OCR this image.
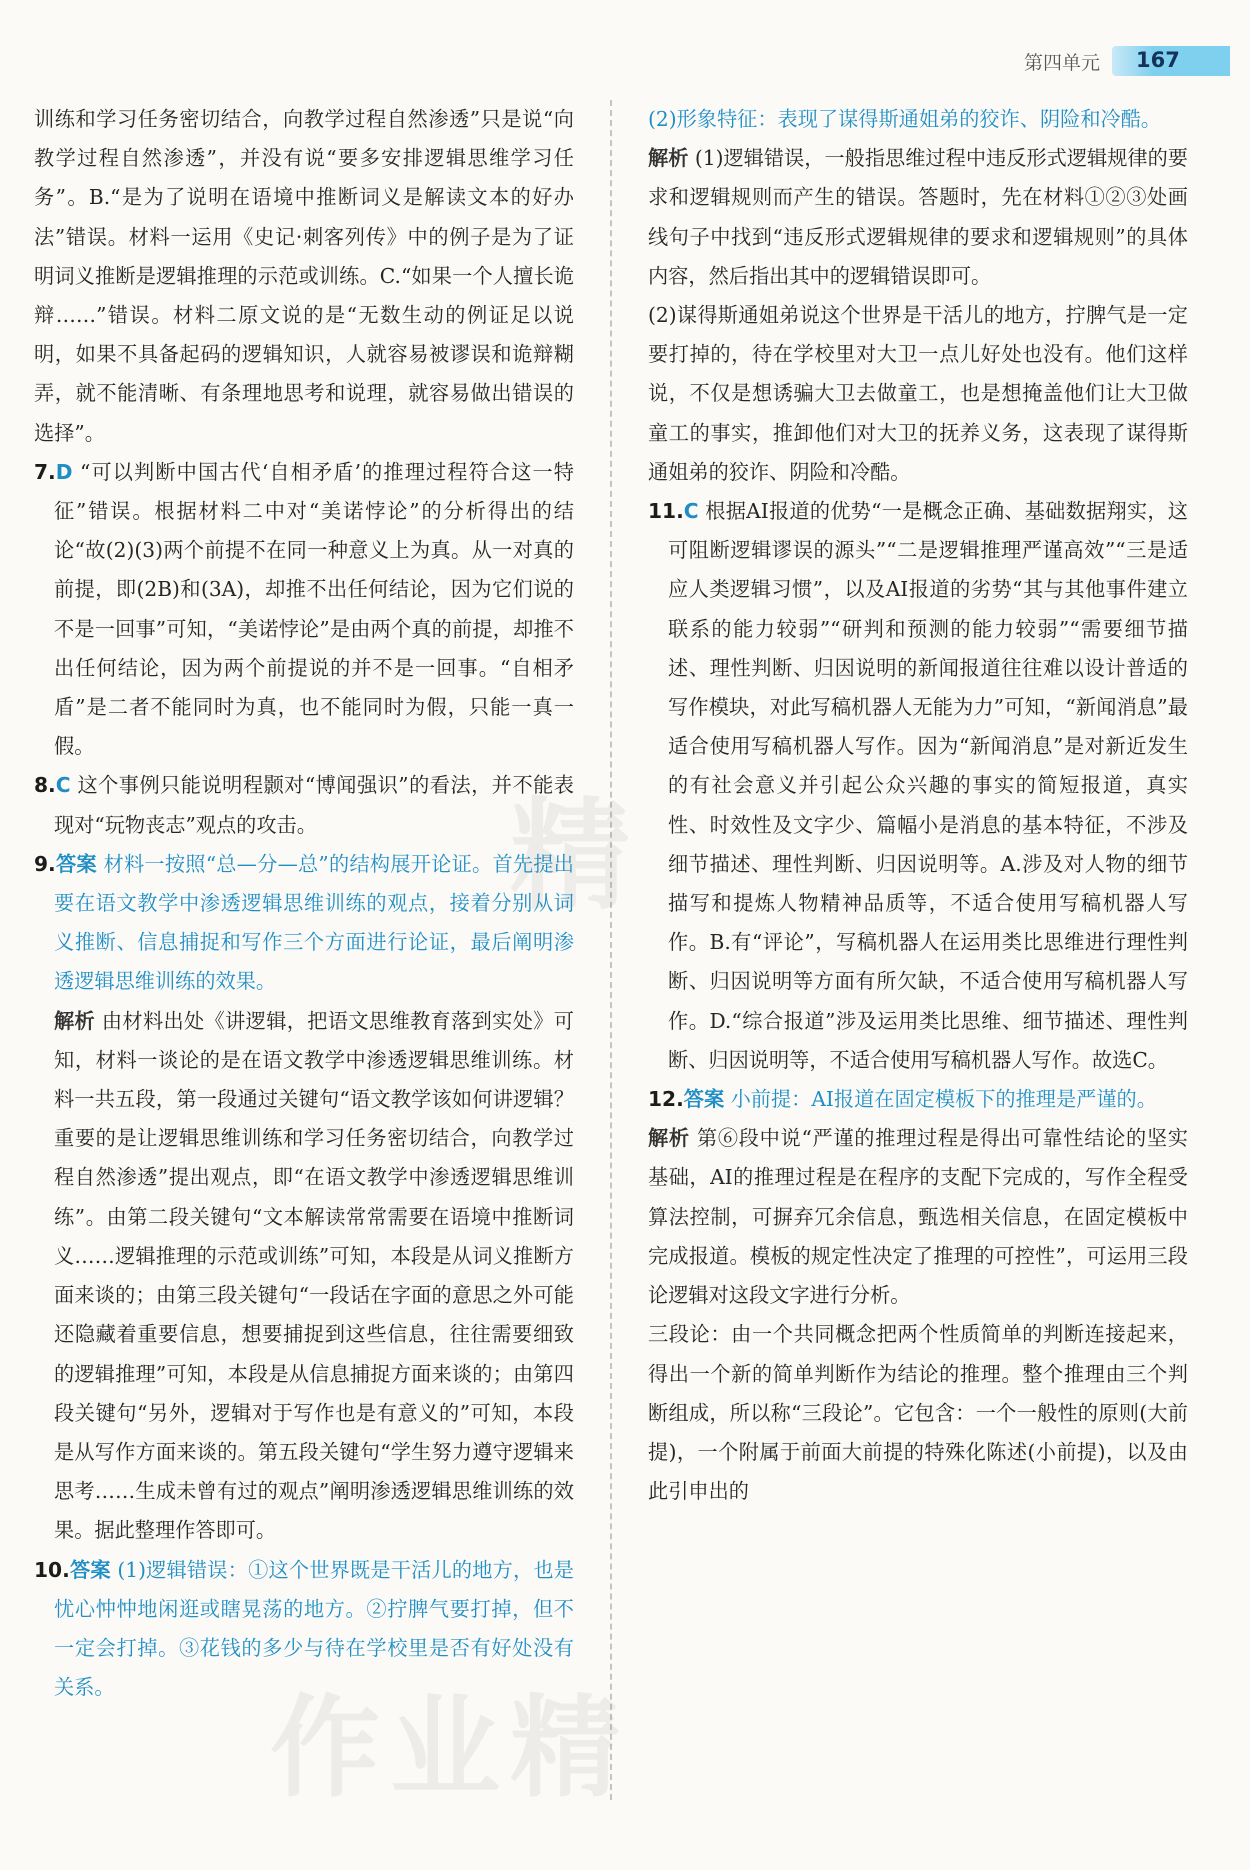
第四单元 167

训练和学习任务密切结合，向教学过程自然渗透”只是说“向教学过程自然渗透”，并没有说“要多安排逻辑思维学习任务”。B.“是为了说明在语境中推断词义是解读文本的好办法”错误。材料一运用《史记·刺客列传》中的例子是为了证明词义推断是逻辑推理的示范或训练。C.“如果一个人擅长诡辩……”错误。材料二原文说的是“无数生动的例证足以说明，如果不具备起码的逻辑知识，人就容易被谬误和诡辩糊弄，就不能清晰、有条理地思考和说理，就容易做出错误的选择”。

7.D “可以判断中国古代‘自相矛盾’的推理过程符合这一特征”错误。根据材料二中对“美诺悖论”的分析得出的结论“故(2)(3)两个前提不在同一种意义上为真。从一对真的前提，即(2B)和(3A)，却推不出任何结论，因为它们说的不是一回事”可知，“美诺悖论”是由两个真的前提，却推不出任何结论，因为两个前提说的并不是一回事。“自相矛盾”是二者不能同时为真，也不能同时为假，只能一真一假。

8.C 这个事例只能说明程颢对“博闻强识”的看法，并不能表现对“玩物丧志”观点的攻击。

9.答案 材料一按照“总—分—总”的结构展开论证。首先提出要在语文教学中渗透逻辑思维训练的观点，接着分别从词义推断、信息捕捉和写作三个方面进行论证，最后阐明渗透逻辑思维训练的效果。

解析 由材料出处《讲逻辑，把语文思维教育落到实处》可知，材料一谈论的是在语文教学中渗透逻辑思维训练。材料一共五段，第一段通过关键句“语文教学该如何讲逻辑？重要的是让逻辑思维训练和学习任务密切结合，向教学过程自然渗透”提出观点，即“在语文教学中渗透逻辑思维训练”。由第二段关键句“文本解读常常需要在语境中推断词义……逻辑推理的示范或训练”可知，本段是从词义推断方面来谈的；由第三段关键句“一段话在字面的意思之外可能还隐藏着重要信息，想要捕捉到这些信息，往往需要细致的逻辑推理”可知，本段是从信息捕捉方面来谈的；由第四段关键句“另外，逻辑对于写作也是有意义的”可知，本段是从写作方面来谈的。第五段关键句“学生努力遵守逻辑来思考……生成未曾有过的观点”阐明渗透逻辑思维训练的效果。据此整理作答即可。

10.答案 (1)逻辑错误：①这个世界既是干活儿的地方，也是忧心忡忡地闲逛或瞎晃荡的地方。②拧脾气要打掉，但不一定会打掉。③花钱的多少与待在学校里是否有好处没有关系。

(2)形象特征：表现了谋得斯通姐弟的狡诈、阴险和冷酷。

解析 (1)逻辑错误，一般指思维过程中违反形式逻辑规律的要求和逻辑规则而产生的错误。答题时，先在材料①②③处画线句子中找到“违反形式逻辑规律的要求和逻辑规则”的具体内容，然后指出其中的逻辑错误即可。

(2)谋得斯通姐弟说这个世界是干活儿的地方，拧脾气是一定要打掉的，待在学校里对大卫一点儿好处也没有。他们这样说，不仅是想诱骗大卫去做童工，也是想掩盖他们让大卫做童工的事实，推卸他们对大卫的抚养义务，这表现了谋得斯通姐弟的狡诈、阴险和冷酷。

11.C 根据AI报道的优势“一是概念正确、基础数据翔实，这可阻断逻辑谬误的源头”“二是逻辑推理严谨高效”“三是适应人类逻辑习惯”，以及AI报道的劣势“其与其他事件建立联系的能力较弱”“研判和预测的能力较弱”“需要细节描述、理性判断、归因说明的新闻报道往往难以设计普适的写作模块，对此写稿机器人无能为力”可知，“新闻消息”最适合使用写稿机器人写作。因为“新闻消息”是对新近发生的有社会意义并引起公众兴趣的事实的简短报道，真实性、时效性及文字少、篇幅小是消息的基本特征，不涉及细节描述、理性判断、归因说明等。A.涉及对人物的细节描写和提炼人物精神品质等，不适合使用写稿机器人写作。B.有“评论”，写稿机器人在运用类比思维进行理性判断、归因说明等方面有所欠缺，不适合使用写稿机器人写作。D.“综合报道”涉及运用类比思维、细节描述、理性判断、归因说明等，不适合使用写稿机器人写作。故选C。

12.答案 小前提：AI报道在固定模板下的推理是严谨的。

解析 第⑥段中说“严谨的推理过程是得出可靠性结论的坚实基础，AI的推理过程是在程序的支配下完成的，写作全程受算法控制，可摒弃冗余信息，甄选相关信息，在固定模板中完成报道。模板的规定性决定了推理的可控性”，可运用三段论逻辑对这段文字进行分析。

三段论：由一个共同概念把两个性质简单的判断连接起来，得出一个新的简单判断作为结论的推理。整个推理由三个判断组成，所以称“三段论”。它包含：一个一般性的原则(大前提)，一个附属于前面大前提的特殊化陈述(小前提)，以及由此引申出的

精
作业精
